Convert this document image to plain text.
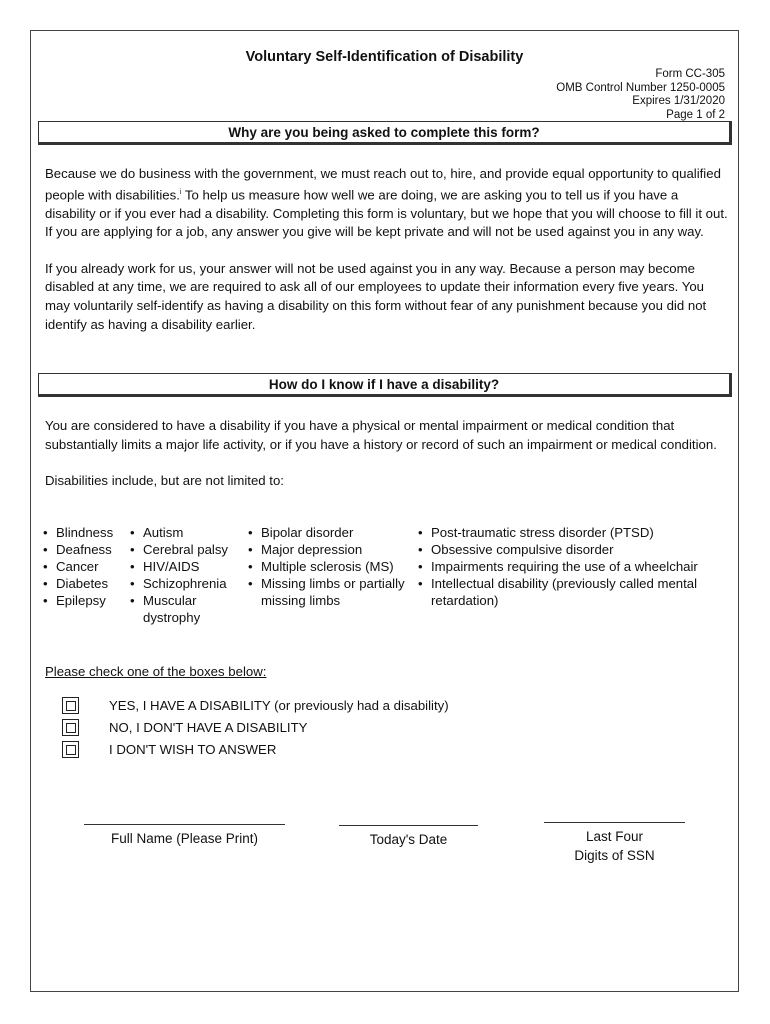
Voluntary Self-Identification of Disability
Form CC-305
OMB Control Number 1250-0005
Expires 1/31/2020
Page 1 of 2
Why are you being asked to complete this form?

Because we do business with the government, we must reach out to, hire, and provide equal opportunity to qualified people with disabilities.$^i$ To help us measure how well we are doing, we are asking you to tell us if you have a disability or if you ever had a disability. Completing this form is voluntary, but we hope that you will choose to fill it out. If you are applying for a job, any answer you give will be kept private and will not be used against you in any way.

If you already work for us, your answer will not be used against you in any way. Because a person may become disabled at any time, we are required to ask all of our employees to update their information every five years. You may voluntarily self-identify as having a disability on this form without fear of any punishment because you did not identify as having a disability earlier.

How do I know if I have a disability?

You are considered to have a disability if you have a physical or mental impairment or medical condition that substantially limits a major life activity, or if you have a history or record of such an impairment or medical condition.

Disabilities include, but are not limited to:

• Blindness
• Deafness
• Cancer
• Diabetes
• Epilepsy
• Autism
• Cerebral palsy
• HIV/AIDS
• Schizophrenia
• Muscular dystrophy
• Bipolar disorder
• Major depression
• Multiple sclerosis (MS)
• Missing limbs or partially missing limbs
• Post-traumatic stress disorder (PTSD)
• Obsessive compulsive disorder
• Impairments requiring the use of a wheelchair
• Intellectual disability (previously called mental retardation)
Please check one of the boxes below:
YES, I HAVE A DISABILITY (or previously had a disability)
NO, I DON'T HAVE A DISABILITY
I DON'T WISH TO ANSWER
Full Name (Please Print)	Today's Date	Last Four
Digits of SSN
